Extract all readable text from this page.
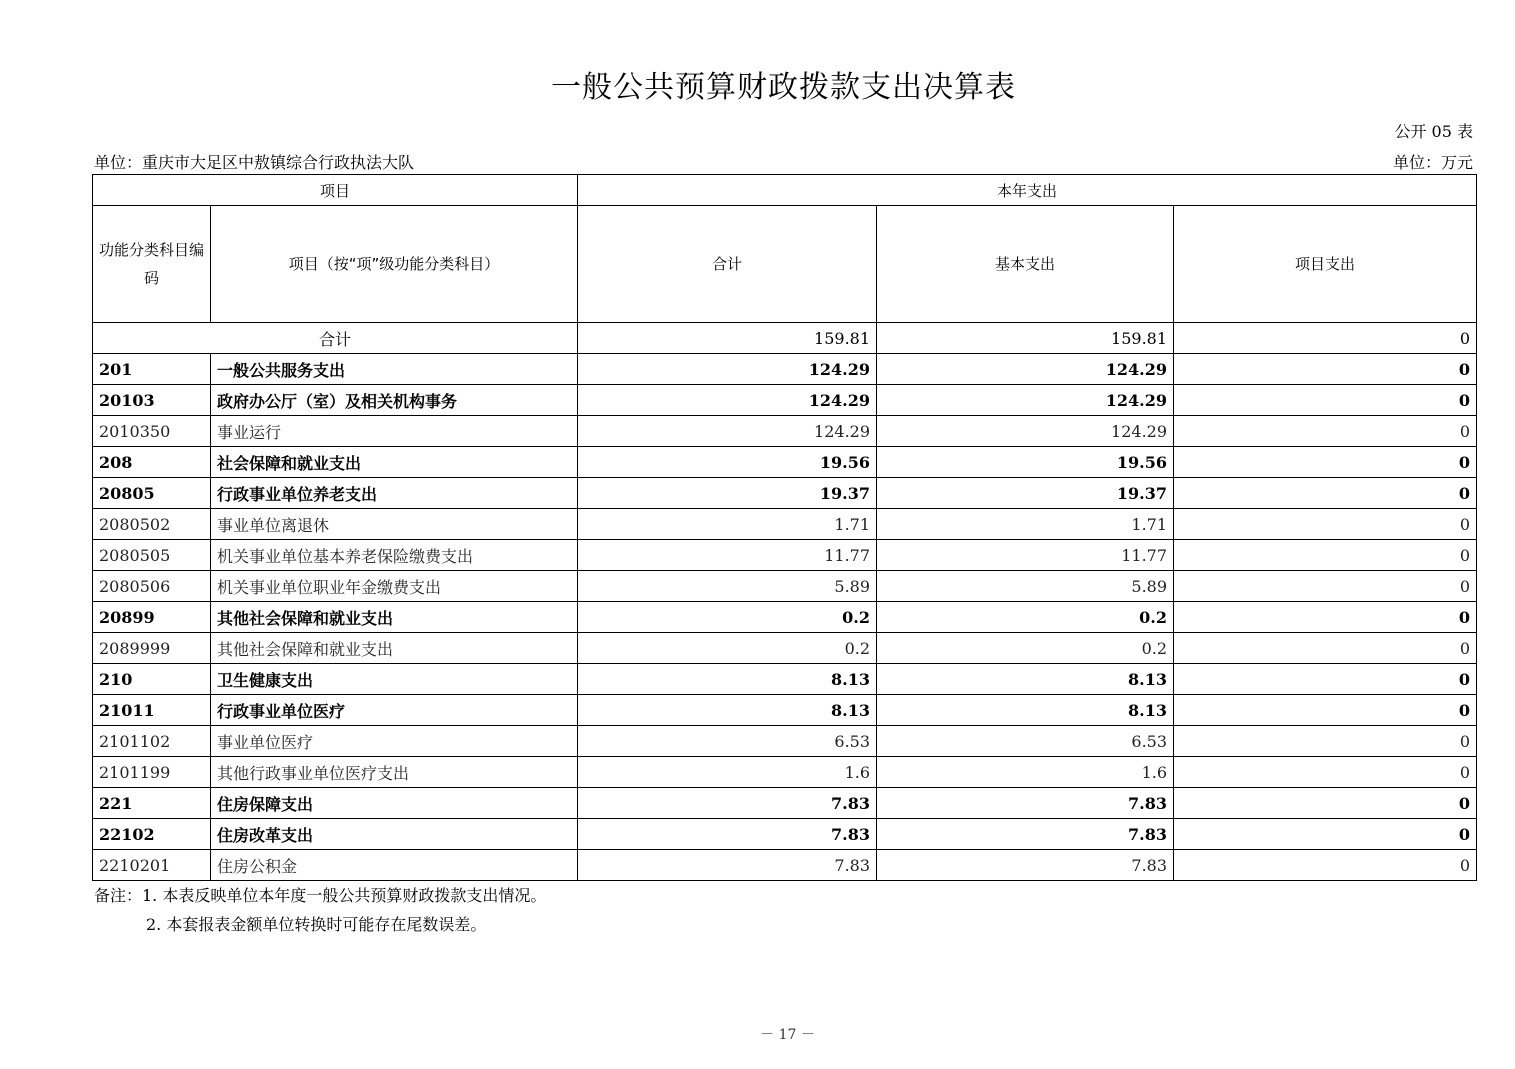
一般公共预算财政拨款支出决算表
公开 05 表
单位：重庆市大足区中敖镇综合行政执法大队	单位：万元
项目		本年支出		
功能分类科目编码	项目（按“项”级功能分类科目）	合计	基本支出	项目支出
合计		159.81	159.81	0
201	一般公共服务支出	124.29	124.29	0
20103	政府办公厅（室）及相关机构事务	124.29	124.29	0
2010350	事业运行	124.29	124.29	0
208	社会保障和就业支出	19.56	19.56	0
20805	行政事业单位养老支出	19.37	19.37	0
2080502	事业单位离退休	1.71	1.71	0
2080505	机关事业单位基本养老保险缴费支出	11.77	11.77	0
2080506	机关事业单位职业年金缴费支出	5.89	5.89	0
20899	其他社会保障和就业支出	0.2	0.2	0
2089999	其他社会保障和就业支出	0.2	0.2	0
210	卫生健康支出	8.13	8.13	0
21011	行政事业单位医疗	8.13	8.13	0
2101102	事业单位医疗	6.53	6.53	0
2101199	其他行政事业单位医疗支出	1.6	1.6	0
221	住房保障支出	7.83	7.83	0
22102	住房改革支出	7.83	7.83	0
2210201	住房公积金	7.83	7.83	0
备注：1. 本表反映单位本年度一般公共预算财政拨款支出情况。
2. 本套报表金额单位转换时可能存在尾数误差。
－ 17 －
